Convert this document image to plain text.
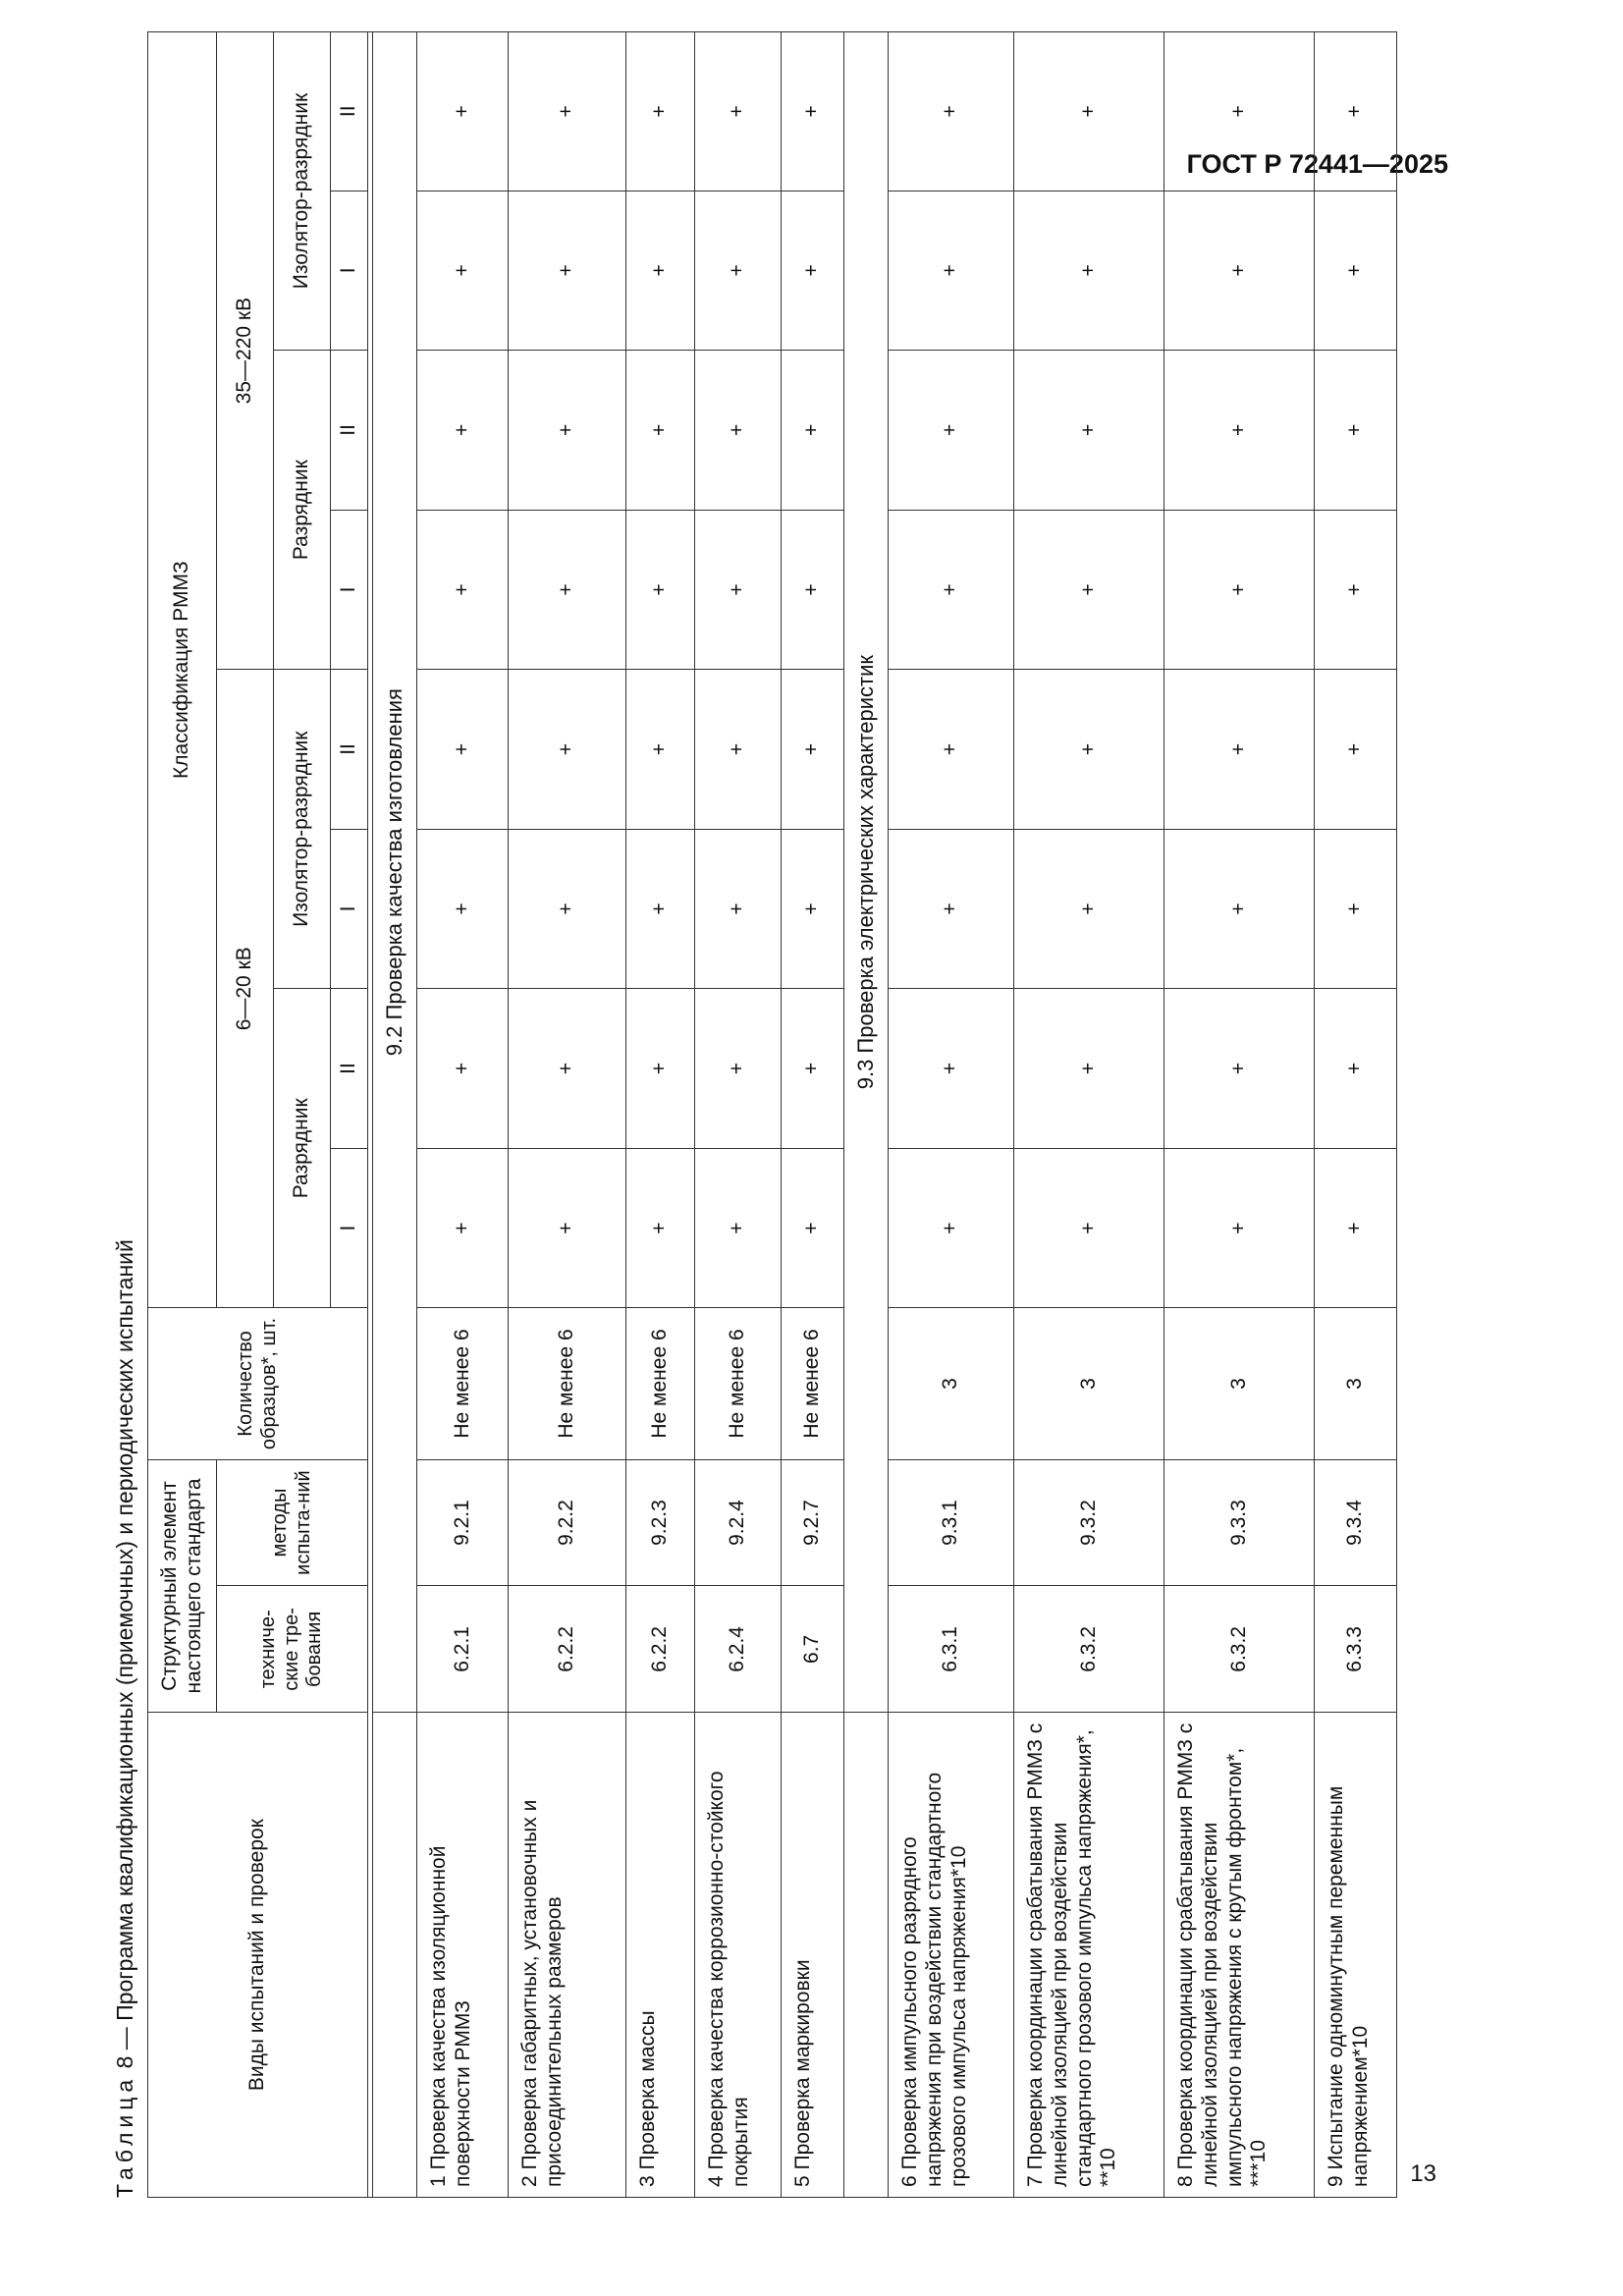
ГОСТ Р 72441—2025
13
Таблица 8 — Программа квалификационных (приемочных) и периодических испытаний	Виды испытаний и проверок	Структурный элемент настоящего стандарта		Количество образцов*, шт.	Классификация РММЗ							
	техниче-ские тре-бования	методы испыта-ний		6—20 кВ				35—220 кВ			
				Разрядник		Изолятор-разрядник		Разрядник		Изолятор-разрядник	
				I	II	I	II	I	II	I	II

	9.2 Проверка качества изготовления										
1 Проверка качества изоляционной поверхности РММЗ	6.2.1	9.2.1	Не менее 6	+	+	+	+	+	+	+	+
2 Проверка габаритных, установочных и присоединительных размеров	6.2.2	9.2.2	Не менее 6	+	+	+	+	+	+	+	+
3 Проверка массы	6.2.2	9.2.3	Не менее 6	+	+	+	+	+	+	+	+
4 Проверка качества коррозионно-стойкого покрытия	6.2.4	9.2.4	Не менее 6	+	+	+	+	+	+	+	+
5 Проверка маркировки	6.7	9.2.7	Не менее 6	+	+	+	+	+	+	+	+
	9.3 Проверка электрических характеристик										
6 Проверка импульсного разрядного напряжения при воздействии стандартного грозового импульса напряжения*10	6.3.1	9.3.1	3	+	+	+	+	+	+	+	+
7 Проверка координации срабатывания РММЗ с линейной изоляцией при воздействии стандартного грозового импульса напряжения*, **10	6.3.2	9.3.2	3	+	+	+	+	+	+	+	+
8 Проверка координации срабатывания РММЗ с линейной изоляцией при воздействии импульсного напряжения с крутым фронтом*, ***10	6.3.2	9.3.3	3	+	+	+	+	+	+	+	+
9 Испытание одноминутным переменным напряжением*10	6.3.3	9.3.4	3	+	+	+	+	+	+	+	+
